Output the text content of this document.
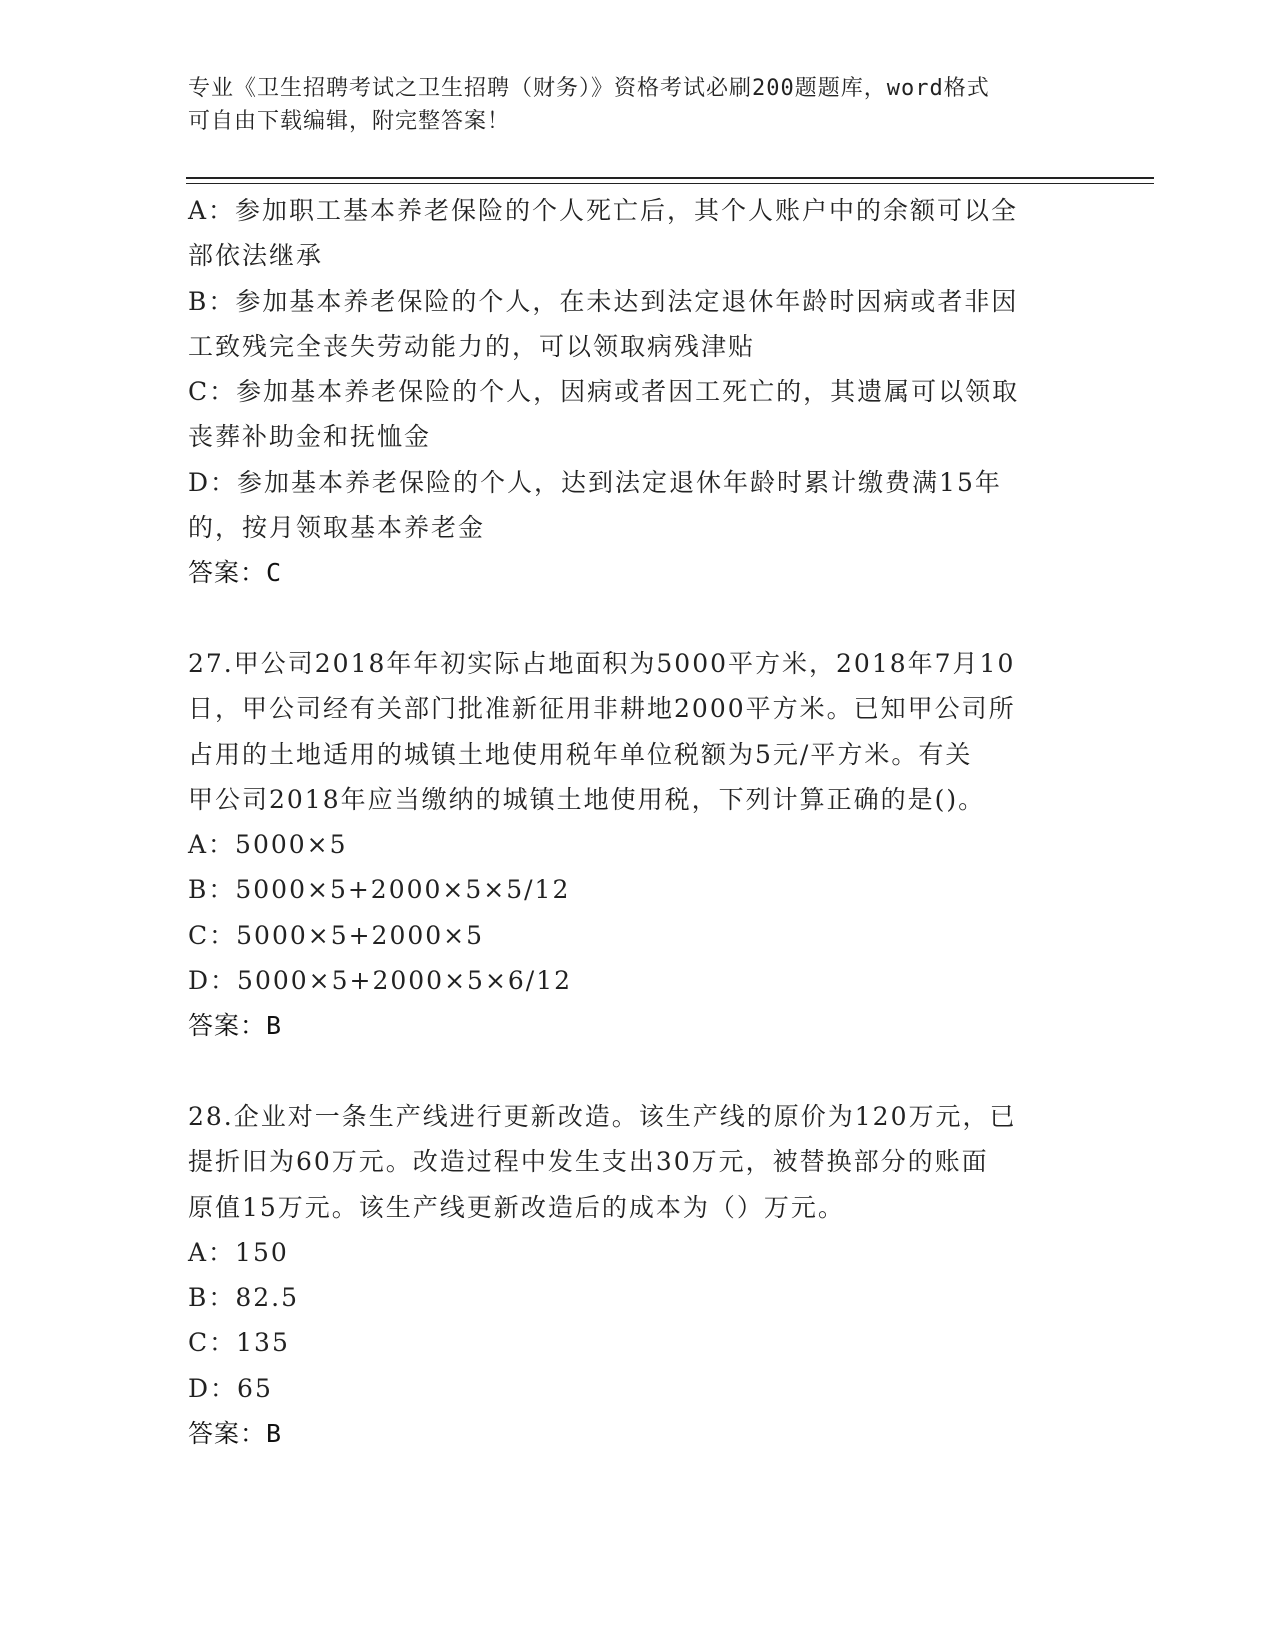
专业《卫生招聘考试之卫生招聘（财务）》资格考试必刷200题题库，word格式
可自由下载编辑，附完整答案！
A：参加职工基本养老保险的个人死亡后，其个人账户中的余额可以全
部依法继承
B：参加基本养老保险的个人，在未达到法定退休年龄时因病或者非因
工致残完全丧失劳动能力的，可以领取病残津贴
C：参加基本养老保险的个人，因病或者因工死亡的，其遗属可以领取
丧葬补助金和抚恤金
D：参加基本养老保险的个人，达到法定退休年龄时累计缴费满15年
的，按月领取基本养老金
答案：C
27.甲公司2018年年初实际占地面积为5000平方米，2018年7月10
日，甲公司经有关部门批准新征用非耕地2000平方米。已知甲公司所
占用的土地适用的城镇土地使用税年单位税额为5元/平方米。有关
甲公司2018年应当缴纳的城镇土地使用税，下列计算正确的是()。
A：5000×5
B：5000×5+2000×5×5/12
C：5000×5+2000×5
D：5000×5+2000×5×6/12
答案：B
28.企业对一条生产线进行更新改造。该生产线的原价为120万元，已
提折旧为60万元。改造过程中发生支出30万元，被替换部分的账面
原值15万元。该生产线更新改造后的成本为（）万元。
A：150
B：82.5
C：135
D：65
答案：B
